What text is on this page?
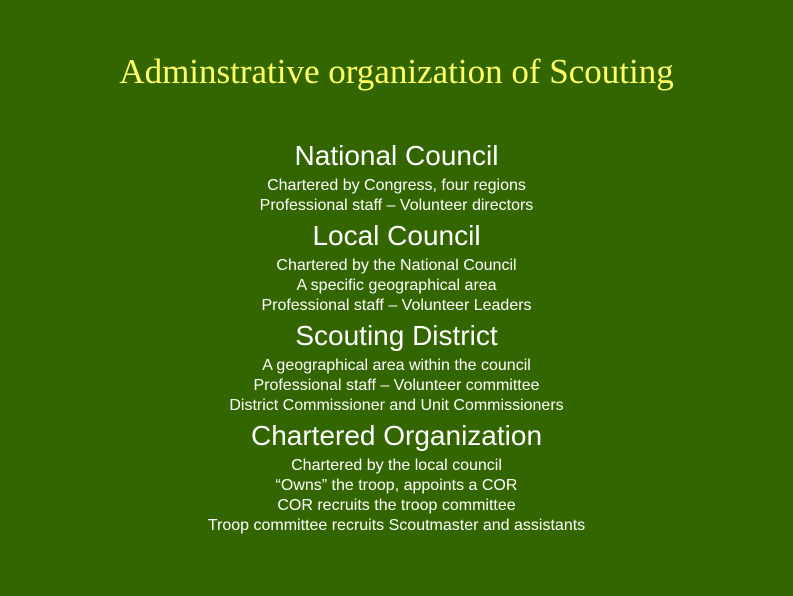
Adminstrative organization of Scouting
National Council
Chartered by Congress, four regions
Professional staff – Volunteer directors
Local Council
Chartered by the National Council
A specific geographical area
Professional staff – Volunteer Leaders
Scouting District
A geographical area within the council
Professional staff – Volunteer committee
District Commissioner and Unit Commissioners
Chartered Organization
Chartered by the local council
“Owns” the troop, appoints a COR
COR recruits the troop committee
Troop committee recruits Scoutmaster and assistants
